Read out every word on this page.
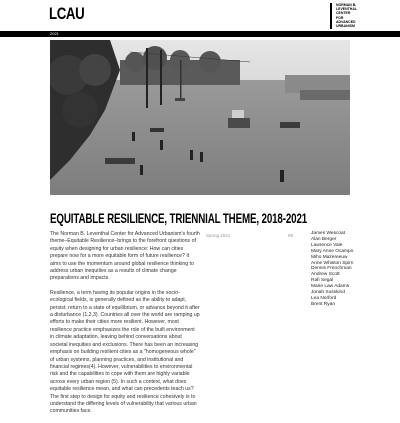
LCAU	NORMAN B.
LEVENTHAL
CENTER
FOR
ADVANCED
URBANISM
2021
EQUITABLE RESILIENCE, TRIENNIAL THEME, 2018-2021

The Norman B. Leventhal Center for Advanced Urbanism's fourth theme–Equitable Resilience–brings to the forefront questions of equity when designing for urban resilience: How can cities prepare now for a more equitable form of future resilience? It aims to use the momentum around global resilience thinking to address urban inequities as a results of climate change preparations and impacts.

Resilience, a term having its popular origins in the socio-ecological fields, is generally defined as the ability to adapt, persist, return to a state of equilibrium, or advance beyond it after a disturbance (1,2,3). Countries all over the world are ramping up efforts to make their cities more resilient. However, most resilience practice emphasizes the role of the built environment in climate adaptation, leaving behind conversations about societal inequities and exclusions. There has been an increasing emphasis on building resilient cities as a "homogeneous whole" of urban systems, planning practices, and institutional and financial regimes(4). However, vulnerabilities to environmental risk and the capabilities to cope with them are highly variable across every urban region (5). In such a context, what does equitable resilience mean, and what can precedents teach us? The first step to design for equity and resilience cohesively is to understand the differing levels of vulnerability that various urban communities face.

Spring 2021	99	James Wescoat
Alan Berger
Lawrence Vale
Mary Anne Ocampo
Miho Mazereeuw
Anne Whiston Spirn
Dennis Frenchman
Andrew Scott
Rafi Segal
Marie Law Adams
Jonah Susskind
Lea Norford
Brent Ryan
